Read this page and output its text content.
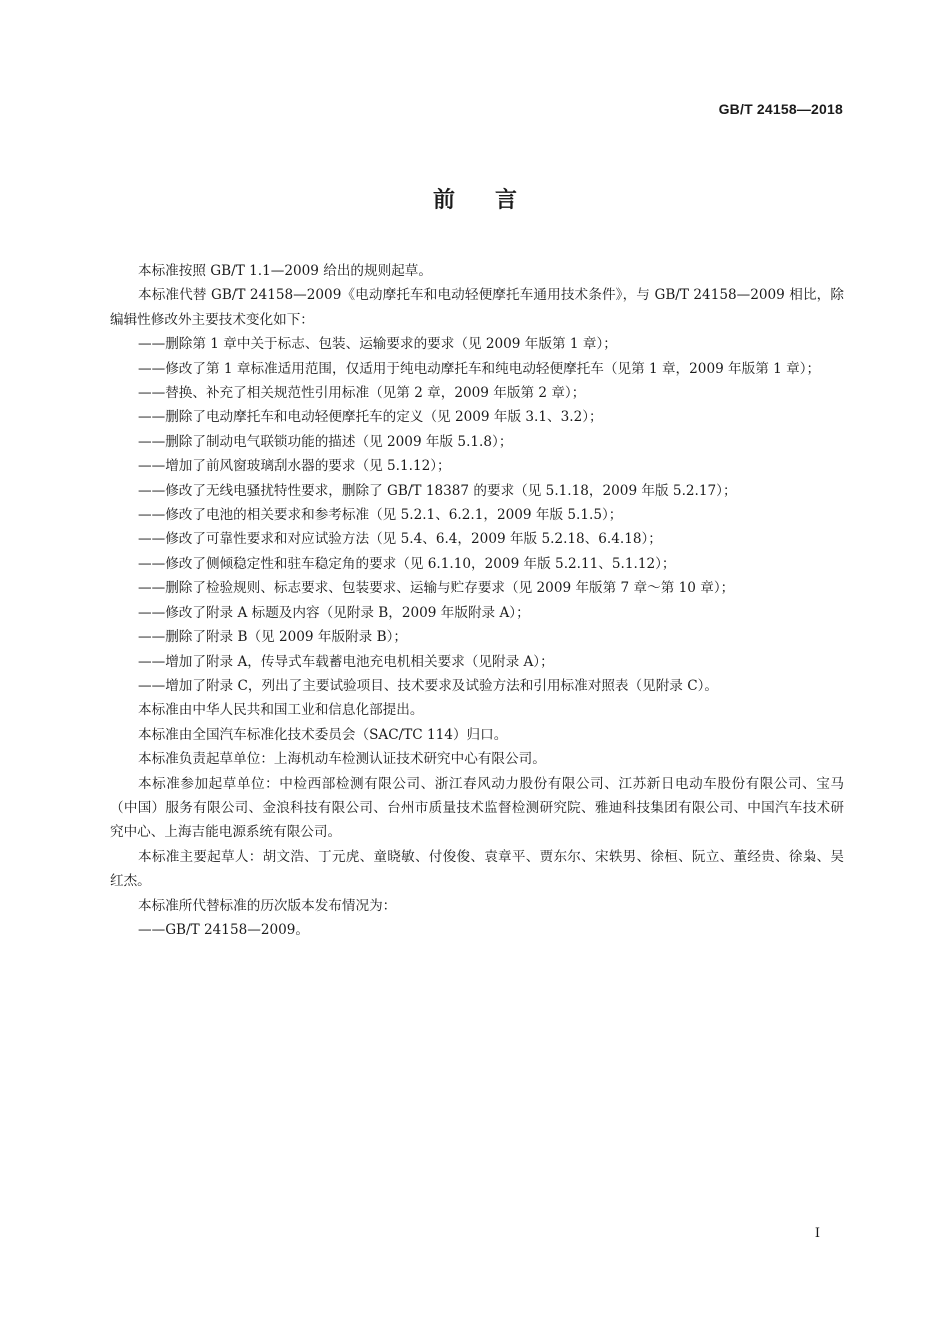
GB/T 24158—2018
前言

本标准按照 GB/T 1.1—2009 给出的规则起草。

本标准代替 GB/T 24158—2009《电动摩托车和电动轻便摩托车通用技术条件》，与 GB/T 24158—2009 相比，除编辑性修改外主要技术变化如下：

——删除第 1 章中关于标志、包装、运输要求的要求（见 2009 年版第 1 章）；

——修改了第 1 章标准适用范围，仅适用于纯电动摩托车和纯电动轻便摩托车（见第 1 章，2009 年版第 1 章）；

——替换、补充了相关规范性引用标准（见第 2 章，2009 年版第 2 章）；

——删除了电动摩托车和电动轻便摩托车的定义（见 2009 年版 3.1、3.2）；

——删除了制动电气联锁功能的描述（见 2009 年版 5.1.8）；

——增加了前风窗玻璃刮水器的要求（见 5.1.12）；

——修改了无线电骚扰特性要求，删除了 GB/T 18387 的要求（见 5.1.18，2009 年版 5.2.17）；

——修改了电池的相关要求和参考标准（见 5.2.1、6.2.1，2009 年版 5.1.5）；

——修改了可靠性要求和对应试验方法（见 5.4、6.4，2009 年版 5.2.18、6.4.18）；

——修改了侧倾稳定性和驻车稳定角的要求（见 6.1.10，2009 年版 5.2.11、5.1.12）；

——删除了检验规则、标志要求、包装要求、运输与贮存要求（见 2009 年版第 7 章～第 10 章）；

——修改了附录 A 标题及内容（见附录 B，2009 年版附录 A）；

——删除了附录 B（见 2009 年版附录 B）；

——增加了附录 A，传导式车载蓄电池充电机相关要求（见附录 A）；

——增加了附录 C，列出了主要试验项目、技术要求及试验方法和引用标准对照表（见附录 C）。

本标准由中华人民共和国工业和信息化部提出。

本标准由全国汽车标准化技术委员会（SAC/TC 114）归口。

本标准负责起草单位：上海机动车检测认证技术研究中心有限公司。

本标准参加起草单位：中检西部检测有限公司、浙江春风动力股份有限公司、江苏新日电动车股份有限公司、宝马（中国）服务有限公司、金浪科技有限公司、台州市质量技术监督检测研究院、雅迪科技集团有限公司、中国汽车技术研究中心、上海吉能电源系统有限公司。

本标准主要起草人：胡文浩、丁元虎、童晓敏、付俊俊、袁章平、贾东尔、宋轶男、徐桓、阮立、董经贵、徐枭、吴红杰。

本标准所代替标准的历次版本发布情况为：

——GB/T 24158—2009。

I
